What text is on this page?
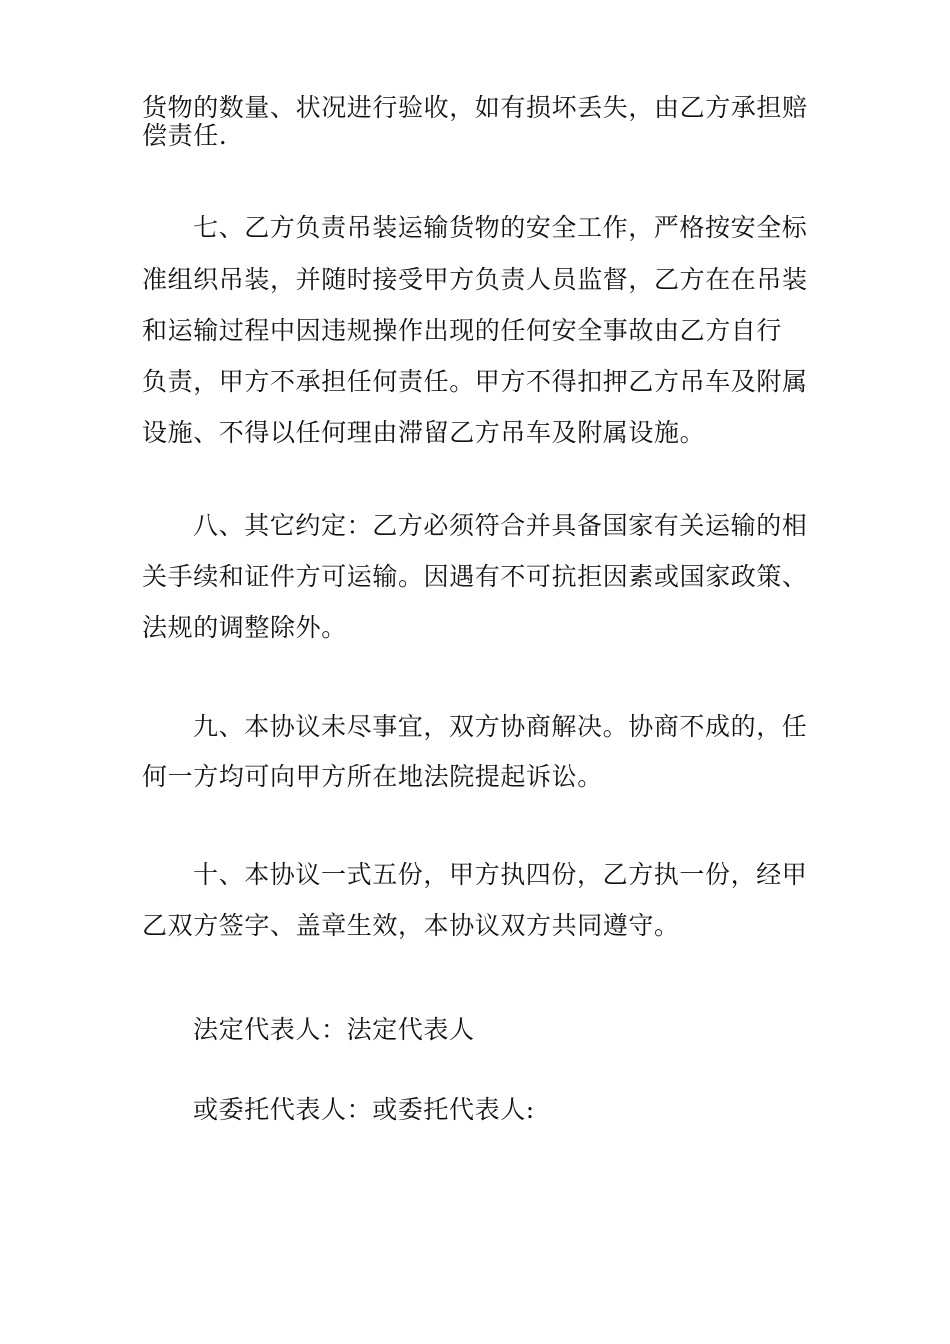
货物的数量、状况进行验收，如有损坏丢失，由乙方承担赔
偿责任.
七、乙方负责吊装运输货物的安全工作，严格按安全标
准组织吊装，并随时接受甲方负责人员监督，乙方在在吊装
和运输过程中因违规操作出现的任何安全事故由乙方自行
负责，甲方不承担任何责任。甲方不得扣押乙方吊车及附属
设施、不得以任何理由滞留乙方吊车及附属设施。
八、其它约定：乙方必须符合并具备国家有关运输的相
关手续和证件方可运输。因遇有不可抗拒因素或国家政策、
法规的调整除外。
九、本协议未尽事宜，双方协商解决。协商不成的，任
何一方均可向甲方所在地法院提起诉讼。
十、本协议一式五份，甲方执四份，乙方执一份，经甲
乙双方签字、盖章生效，本协议双方共同遵守。
法定代表人：法定代表人
或委托代表人：或委托代表人:
